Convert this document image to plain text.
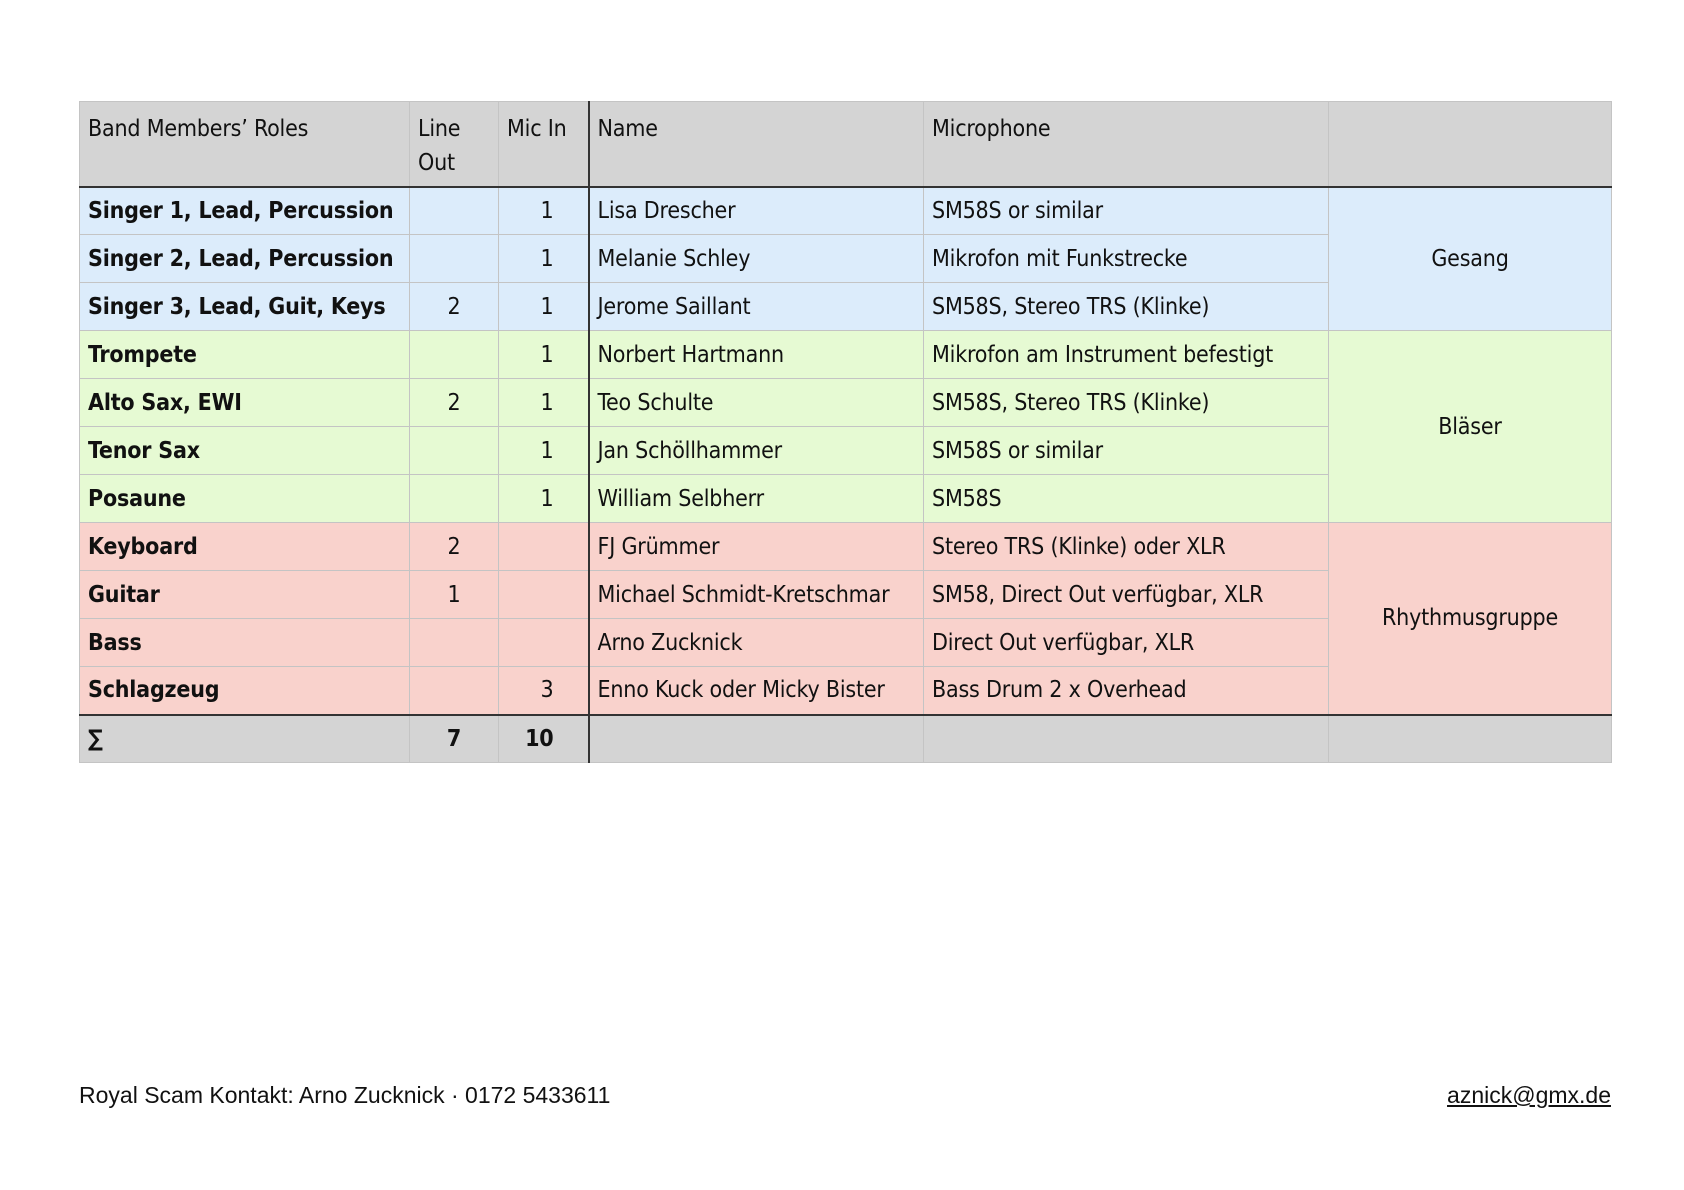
Band Members’ Roles	Line Out	Mic In	Name	Microphone	
Singer 1, Lead, Percussion		1	Lisa Drescher	SM58S or similar	Gesang
Singer 2, Lead, Percussion		1	Melanie Schley	Mikrofon mit Funkstrecke	
Singer 3, Lead, Guit, Keys	2	1	Jerome Saillant	SM58S, Stereo TRS (Klinke)	
Trompete		1	Norbert Hartmann	Mikrofon am Instrument befestigt	Bläser
Alto Sax, EWI	2	1	Teo Schulte	SM58S, Stereo TRS (Klinke)	
Tenor Sax		1	Jan Schöllhammer	SM58S or similar	
Posaune		1	William Selbherr	SM58S	
Keyboard	2		FJ Grümmer	Stereo TRS (Klinke) oder XLR	Rhythmusgruppe
Guitar	1		Michael Schmidt-Kretschmar	SM58, Direct Out verfügbar, XLR	
Bass			Arno Zucknick	Direct Out verfügbar, XLR	
Schlagzeug		3	Enno Kuck oder Micky Bister	Bass Drum 2 x Overhead	
∑	7	10			
Royal Scam Kontakt: Arno Zucknick · 0172 5433611	aznick@gmx.de
